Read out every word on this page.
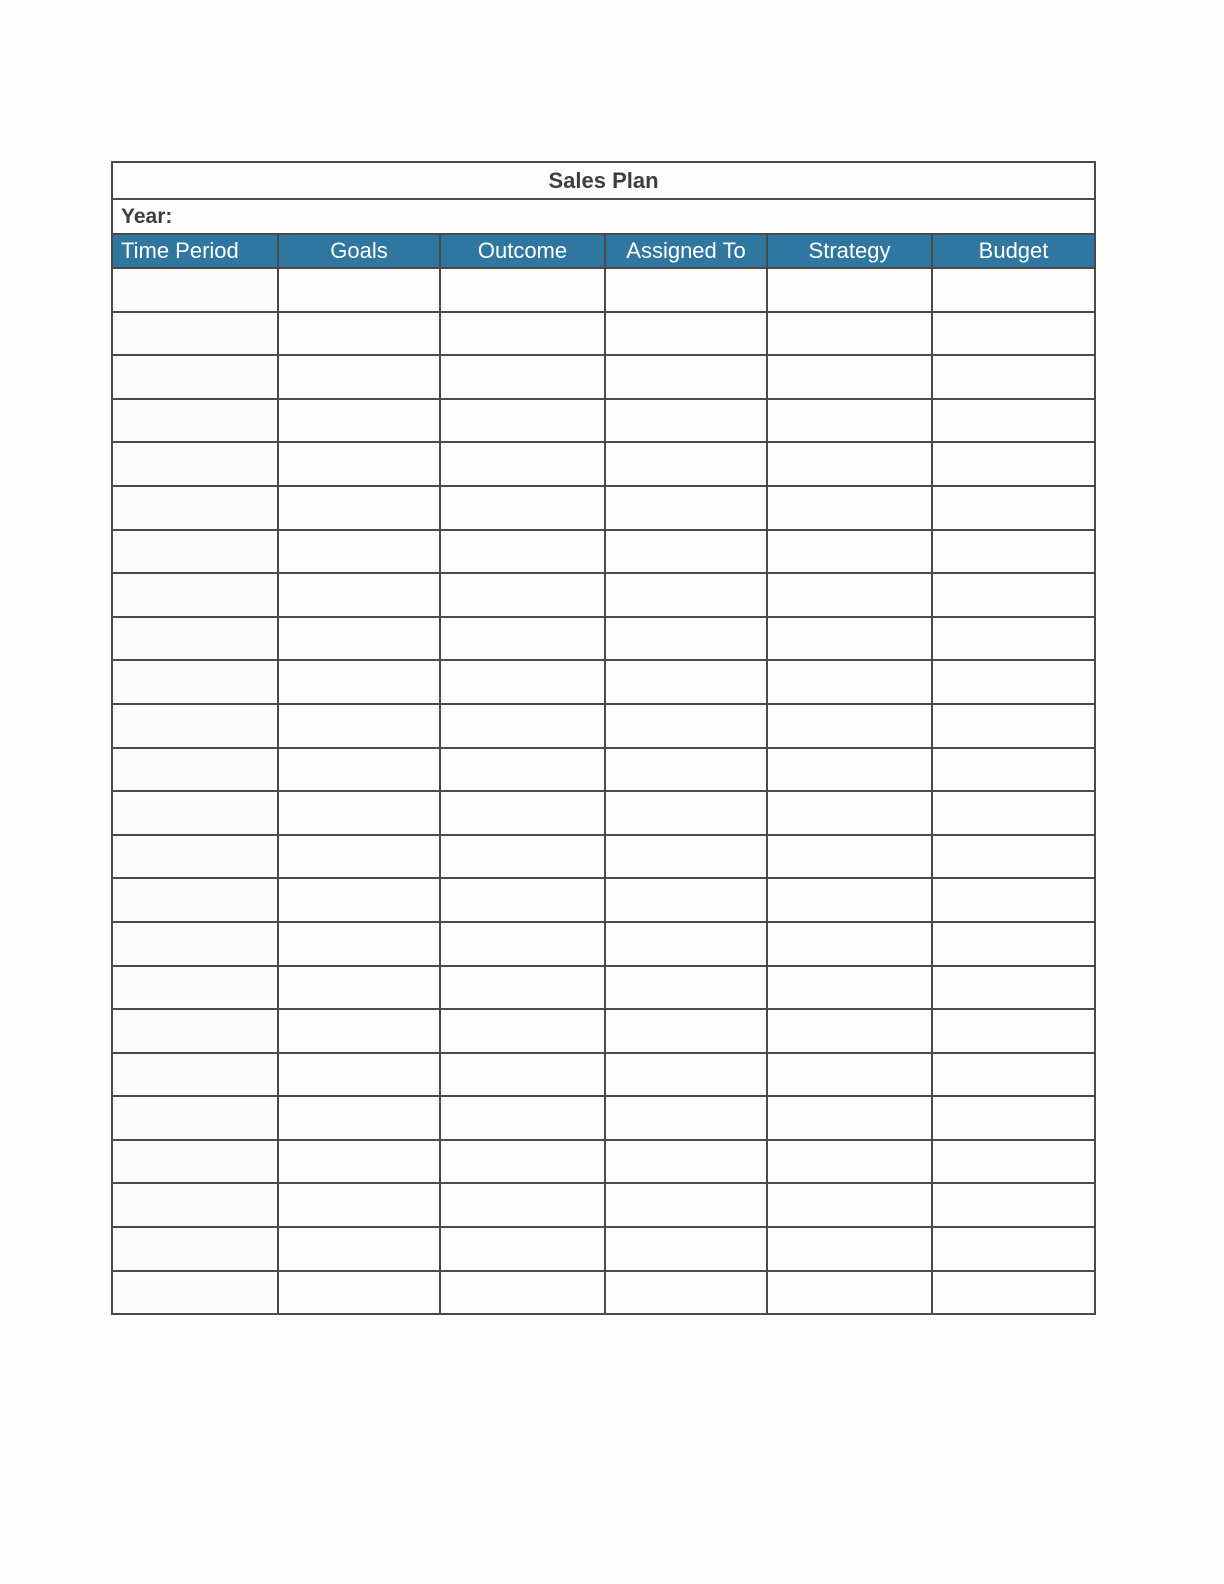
Sales Plan					
Year:					
Time Period	Goals	Outcome	Assigned To	Strategy	Budget
